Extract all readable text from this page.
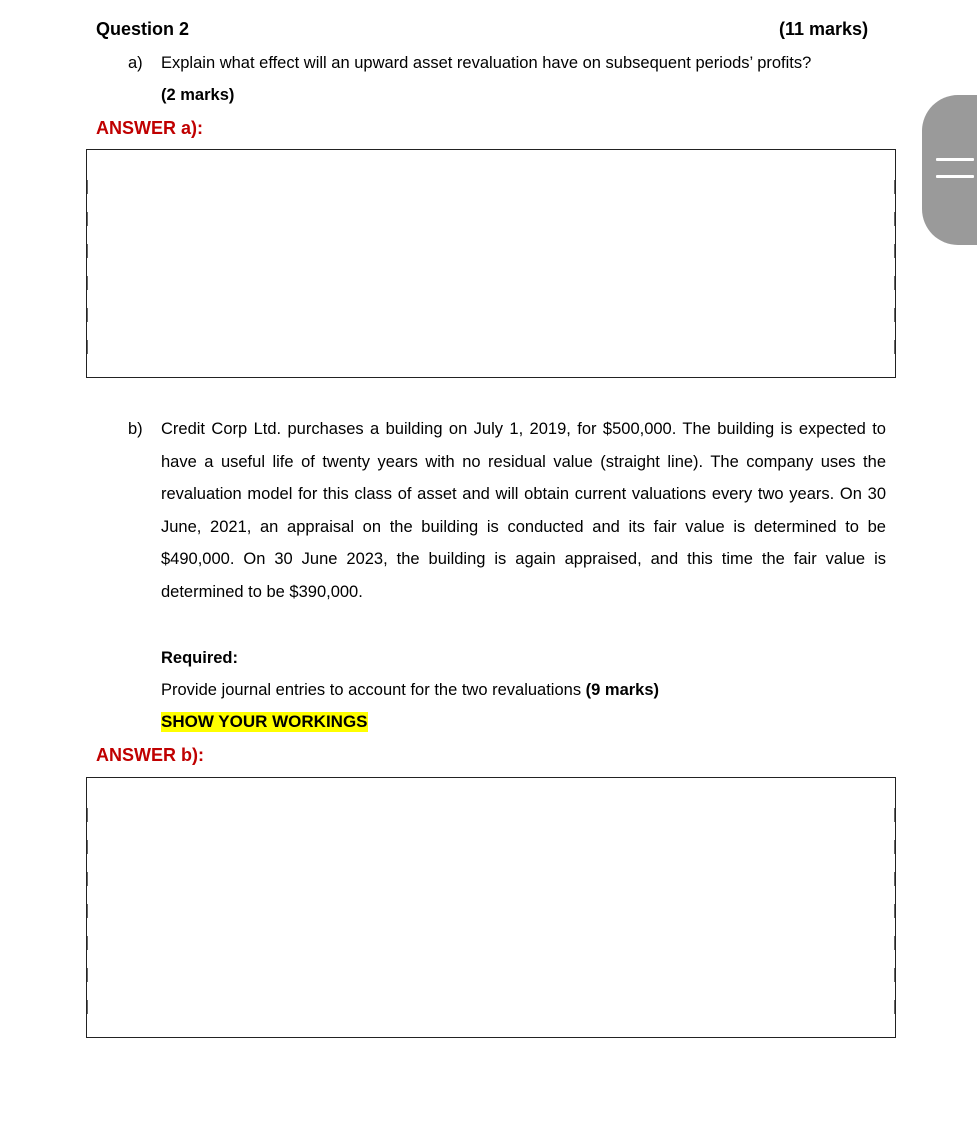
Question 2	(11 marks)
a) Explain what effect will an upward asset revaluation have on subsequent periods’ profits?
(2 marks)
ANSWER a):
b) Credit Corp Ltd. purchases a building on July 1, 2019, for $500,000. The building is expected to have a useful life of twenty years with no residual value (straight line). The company uses the revaluation model for this class of asset and will obtain current valuations every two years. On 30 June, 2021, an appraisal on the building is conducted and its fair value is determined to be $490,000. On 30 June 2023, the building is again appraised, and this time the fair value is determined to be $390,000.
Required:
Provide journal entries to account for the two revaluations (9 marks)
SHOW YOUR WORKINGS
ANSWER b):
